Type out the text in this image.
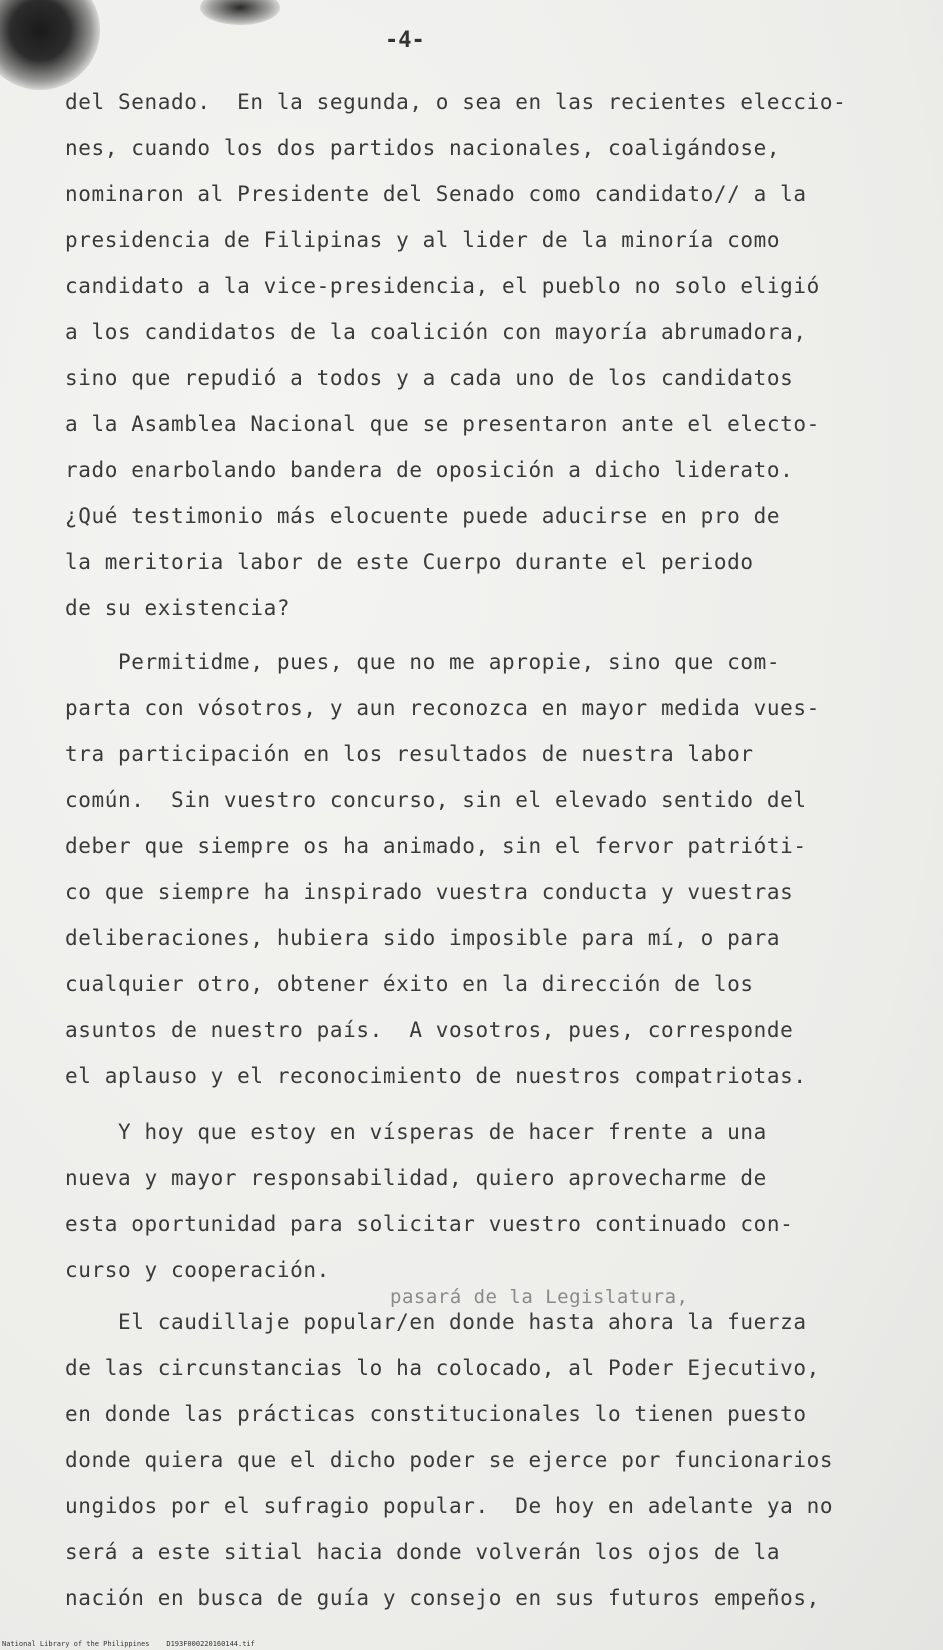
-4-
del Senado.  En la segunda, o sea en las recientes eleccio-
nes, cuando los dos partidos nacionales, coaligándose,
nominaron al Presidente del Senado como candidato// a la
presidencia de Filipinas y al lider de la minoría como
candidato a la vice-presidencia, el pueblo no solo eligió
a los candidatos de la coalición con mayoría abrumadora,
sino que repudió a todos y a cada uno de los candidatos
a la Asamblea Nacional que se presentaron ante el electo-
rado enarbolando bandera de oposición a dicho liderato.
¿Qué testimonio más elocuente puede aducirse en pro de
la meritoria labor de este Cuerpo durante el periodo
de su existencia?
Permitidme, pues, que no me apropie, sino que com-
parta con vósotros, y aun reconozca en mayor medida vues-
tra participación en los resultados de nuestra labor
común.  Sin vuestro concurso, sin el elevado sentido del
deber que siempre os ha animado, sin el fervor patrióti-
co que siempre ha inspirado vuestra conducta y vuestras
deliberaciones, hubiera sido imposible para mí, o para
cualquier otro, obtener éxito en la dirección de los
asuntos de nuestro país.  A vosotros, pues, corresponde
el aplauso y el reconocimiento de nuestros compatriotas.
Y hoy que estoy en vísperas de hacer frente a una
nueva y mayor responsabilidad, quiero aprovecharme de
esta oportunidad para solicitar vuestro continuado con-
curso y cooperación.
pasará de la Legislatura,
El caudillaje popular/en donde hasta ahora la fuerza
de las circunstancias lo ha colocado, al Poder Ejecutivo,
en donde las prácticas constitucionales lo tienen puesto
donde quiera que el dicho poder se ejerce por funcionarios
ungidos por el sufragio popular.  De hoy en adelante ya no
será a este sitial hacia donde volverán los ojos de la
nación en busca de guía y consejo en sus futuros empeños,
National Library of the Philippines    D193F000220160144.tif
